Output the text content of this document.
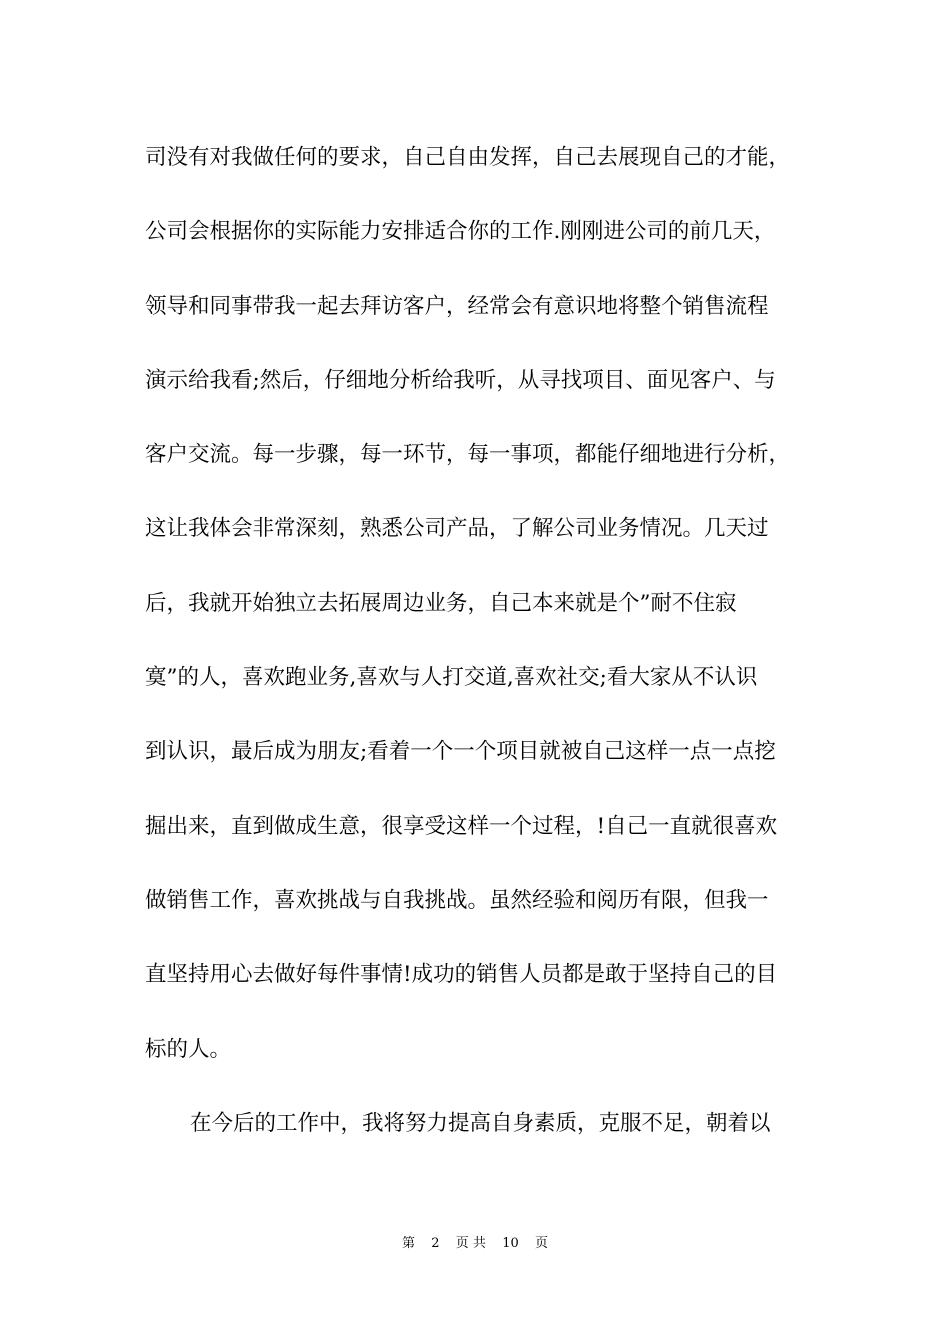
司没有对我做任何的要求，自己自由发挥，自己去展现自己的才能，
公司会根据你的实际能力安排适合你的工作.刚刚进公司的前几天，
领导和同事带我一起去拜访客户，经常会有意识地将整个销售流程
演示给我看;然后，仔细地分析给我听，从寻找项目、面见客户、与
客户交流。每一步骤，每一环节，每一事项，都能仔细地进行分析，
这让我体会非常深刻，熟悉公司产品，了解公司业务情况。几天过
后，我就开始独立去拓展周边业务，自己本来就是个”耐不住寂
寞”的人，喜欢跑业务,喜欢与人打交道,喜欢社交;看大家从不认识
到认识，最后成为朋友;看着一个一个项目就被自己这样一点一点挖
掘出来，直到做成生意，很享受这样一个过程，!自己一直就很喜欢
做销售工作，喜欢挑战与自我挑战。虽然经验和阅历有限，但我一
直坚持用心去做好每件事情!成功的销售人员都是敢于坚持自己的目
标的人。
在今后的工作中，我将努力提高自身素质，克服不足，朝着以
第 2 页 共 10 页
